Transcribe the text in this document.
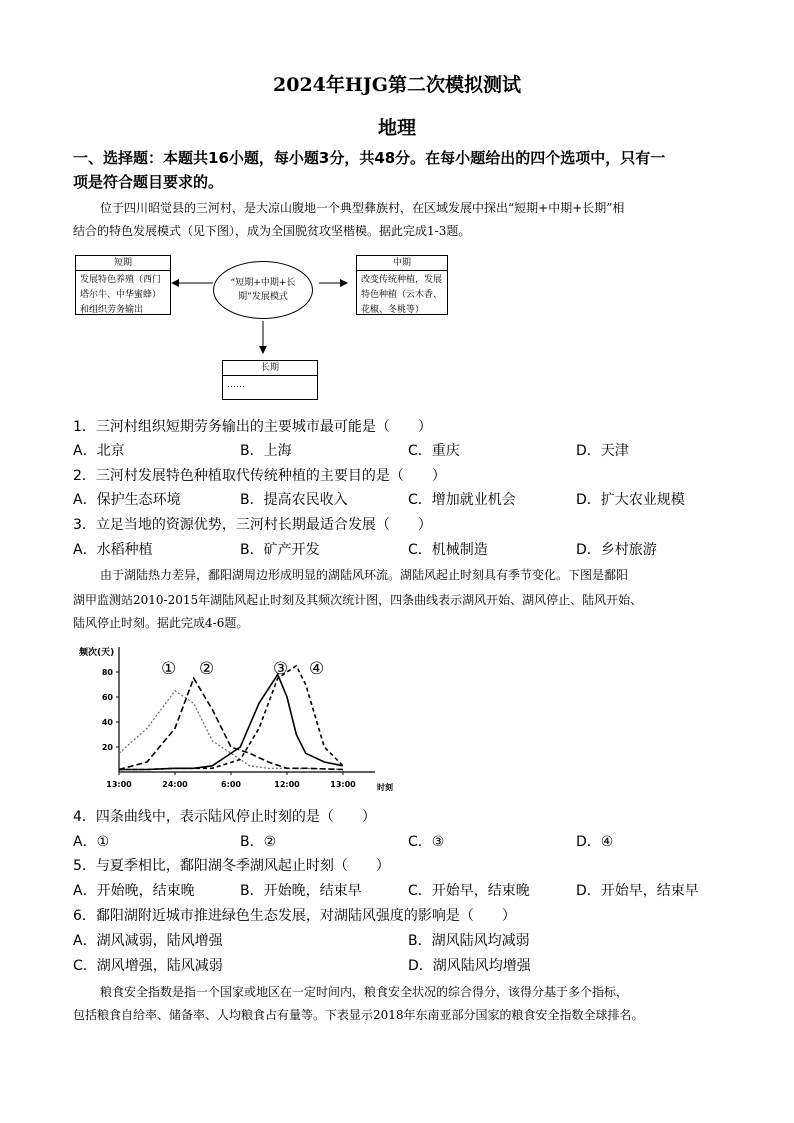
2024年HJG第二次模拟测试
地理
一、选择题：本题共16小题，每小题3分，共48分。在每小题给出的四个选项中，只有一
项是符合题目要求的。
位于四川昭觉县的三河村，是大凉山腹地一个典型彝族村，在区域发展中探出“短期+中期+长期”相
结合的特色发展模式（见下图），成为全国脱贫攻坚楷模。据此完成1-3题。
短期
发展特色养殖（西门塔尔牛、中华蜜蜂）和组织劳务输出
“短期+中期+长期”发展模式
中期
改变传统种植，发展特色种植（云木香、花椒、冬桃等）
长期
……
1．三河村组织短期劳务输出的主要城市最可能是（　　）
A．北京	B．上海	C．重庆	D．天津
2．三河村发展特色种植取代传统种植的主要目的是（　　）
A．保护生态环境	B．提高农民收入	C．增加就业机会	D．扩大农业规模
3．立足当地的资源优势，三河村长期最适合发展（　　）
A．水稻种植	B．矿产开发	C．机械制造	D．乡村旅游
由于湖陆热力差异，鄱阳湖周边形成明显的湖陆风环流。湖陆风起止时刻具有季节变化。下图是鄱阳
湖甲监测站2010-2015年湖陆风起止时刻及其频次统计图，四条曲线表示湖风开始、湖风停止、陆风开始、
陆风停止时刻。据此完成4-6题。
频次(天)
时刻
20
40
60
80
13:00	24:00	6:00	12:00	13:00
① ②	③ ④
4．四条曲线中，表示陆风停止时刻的是（　　）
A．①	B．②	C．③	D．④
5．与夏季相比，鄱阳湖冬季湖风起止时刻（　　）
A．开始晚，结束晚	B．开始晚，结束早	C．开始早，结束晚	D．开始早，结束早
6．鄱阳湖附近城市推进绿色生态发展，对湖陆风强度的影响是（　　）
A．湖风减弱，陆风增强	B．湖风陆风均减弱
C．湖风增强，陆风减弱	D．湖风陆风均增强
粮食安全指数是指一个国家或地区在一定时间内，粮食安全状况的综合得分，该得分基于多个指标，
包括粮食自给率、储备率、人均粮食占有量等。下表显示2018年东南亚部分国家的粮食安全指数全球排名。
